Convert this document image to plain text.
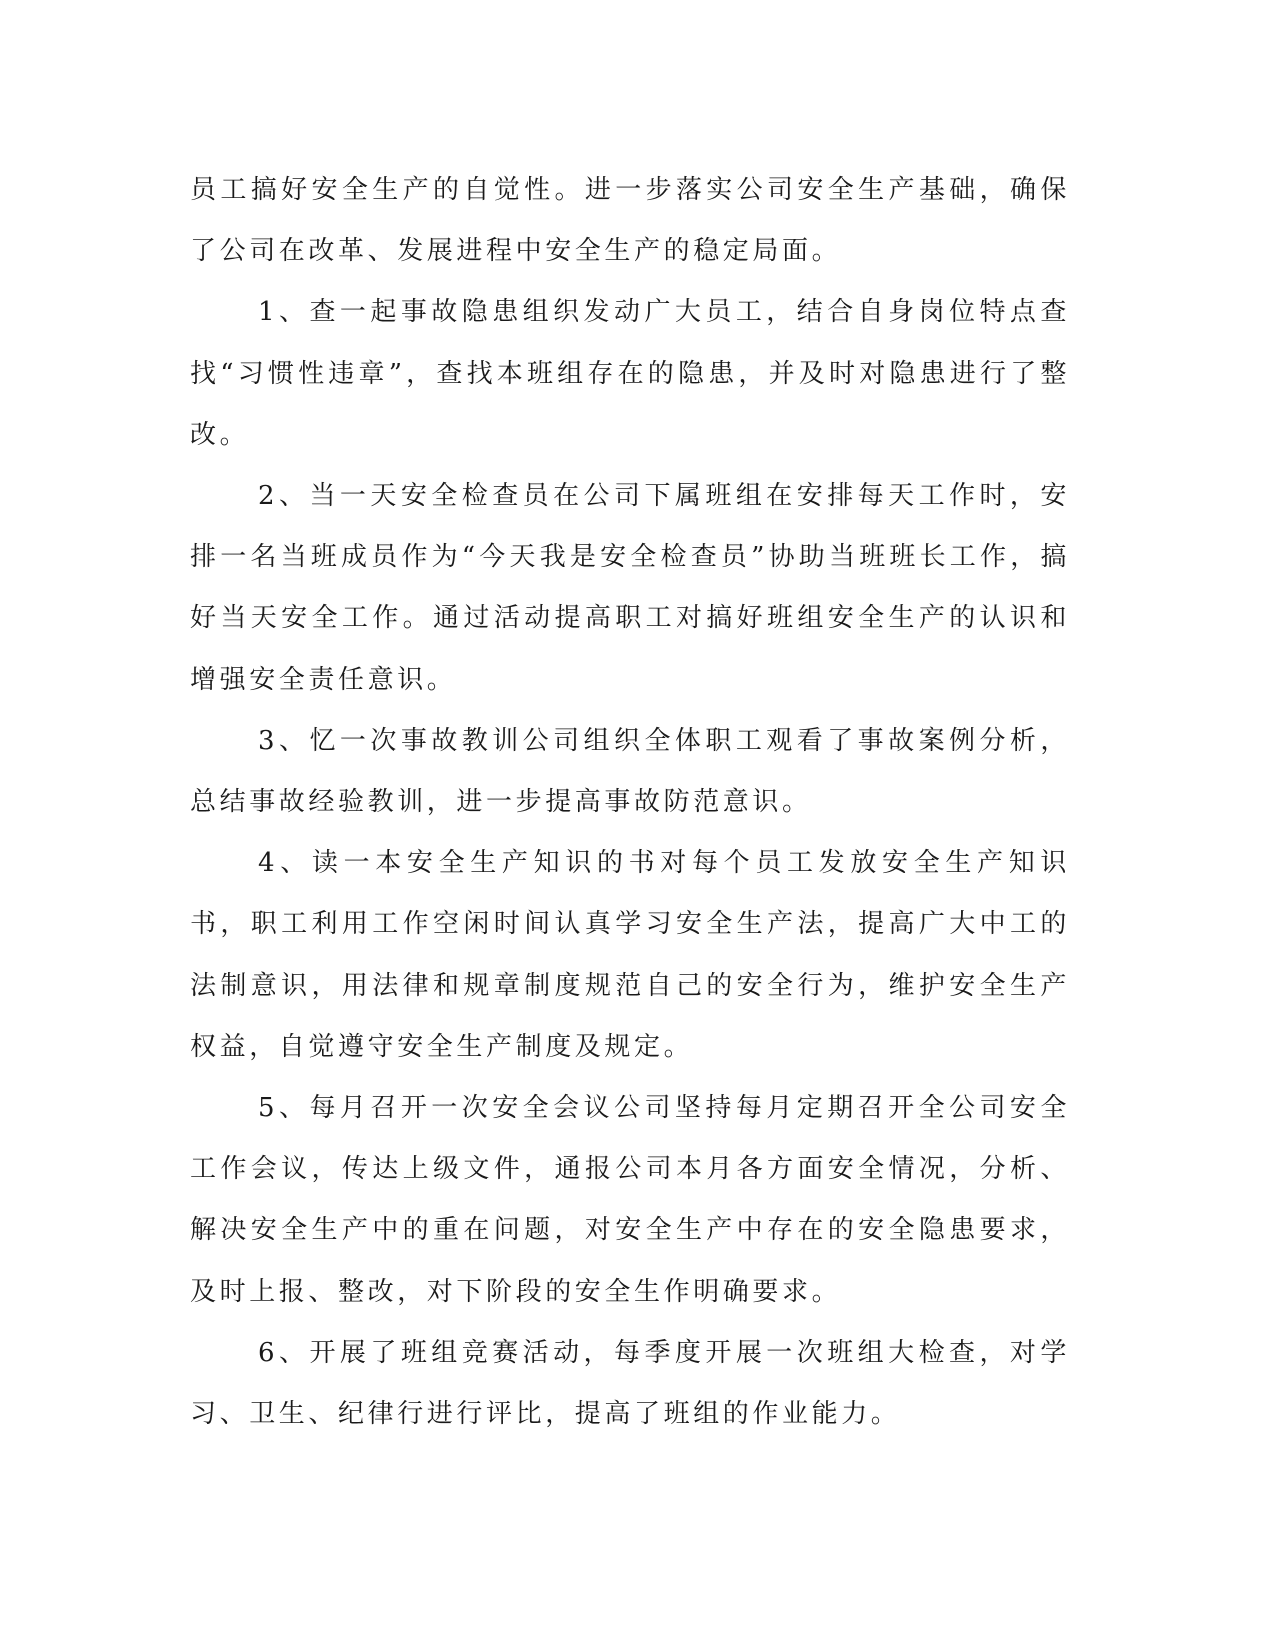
员工搞好安全生产的自觉性。进一步落实公司安全生产基础，确保了公司在改革、发展进程中安全生产的稳定局面。

1、查一起事故隐患组织发动广大员工，结合自身岗位特点查找“习惯性违章”，查找本班组存在的隐患，并及时对隐患进行了整改。

2、当一天安全检查员在公司下属班组在安排每天工作时，安排一名当班成员作为“今天我是安全检查员”协助当班班长工作，搞好当天安全工作。通过活动提高职工对搞好班组安全生产的认识和增强安全责任意识。

3、忆一次事故教训公司组织全体职工观看了事故案例分析，总结事故经验教训，进一步提高事故防范意识。

4、读一本安全生产知识的书对每个员工发放安全生产知识书，职工利用工作空闲时间认真学习安全生产法，提高广大中工的法制意识，用法律和规章制度规范自己的安全行为，维护安全生产权益，自觉遵守安全生产制度及规定。

5、每月召开一次安全会议公司坚持每月定期召开全公司安全工作会议，传达上级文件，通报公司本月各方面安全情况，分析、解决安全生产中的重在问题，对安全生产中存在的安全隐患要求，及时上报、整改，对下阶段的安全生作明确要求。

6、开展了班组竞赛活动，每季度开展一次班组大检查，对学习、卫生、纪律行进行评比，提高了班组的作业能力。
